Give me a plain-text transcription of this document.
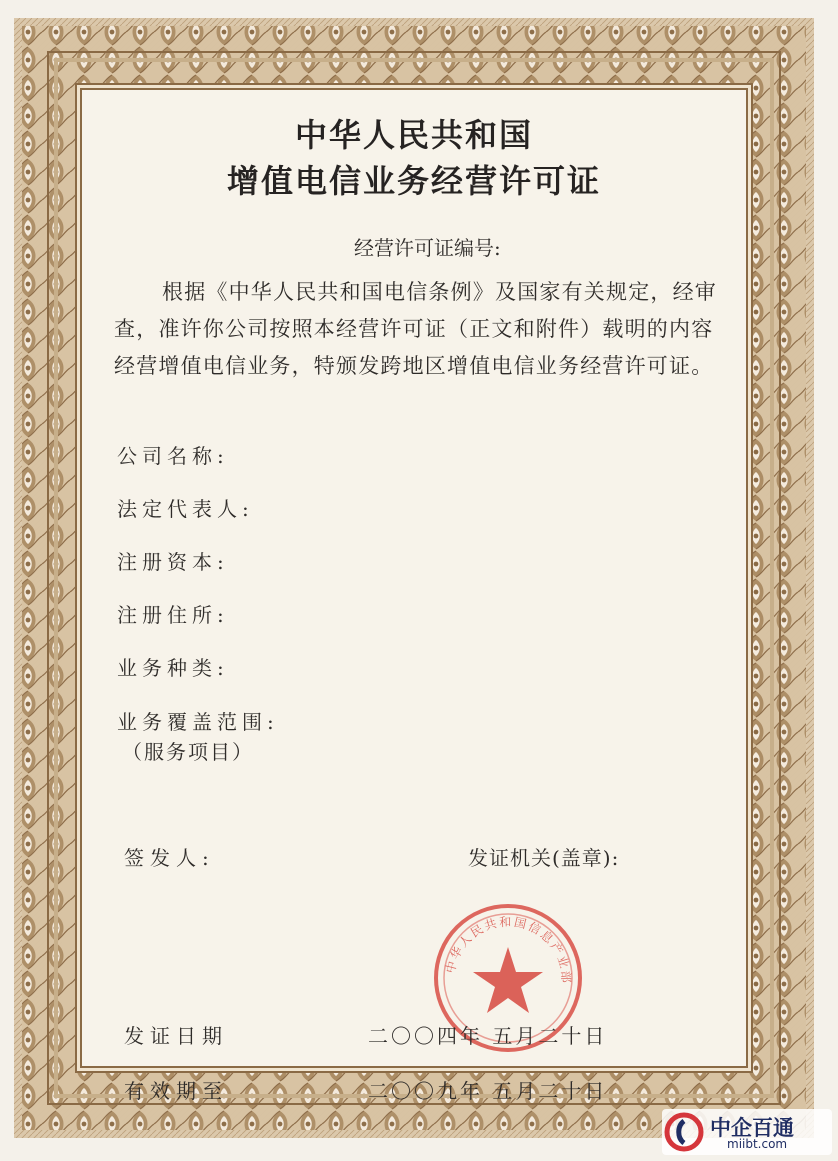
中华人民共和国
增值电信业务经营许可证
经营许可证编号:
根据《中华人民共和国电信条例》及国家有关规定，经审查，准许你公司按照本经营许可证（正文和附件）载明的内容经营增值电信业务，特颁发跨地区增值电信业务经营许可证。
公司名称:
法定代表人:
注册资本:
注册住所:
业务种类:
业务覆盖范围:
（服务项目）
签发人:	发证机关(盖章):
中华人民共和国信息产业部
发证日期	二〇〇四年 五月二十日
有效期至	二〇〇九年 五月二十日
中企百通
miibt.com
